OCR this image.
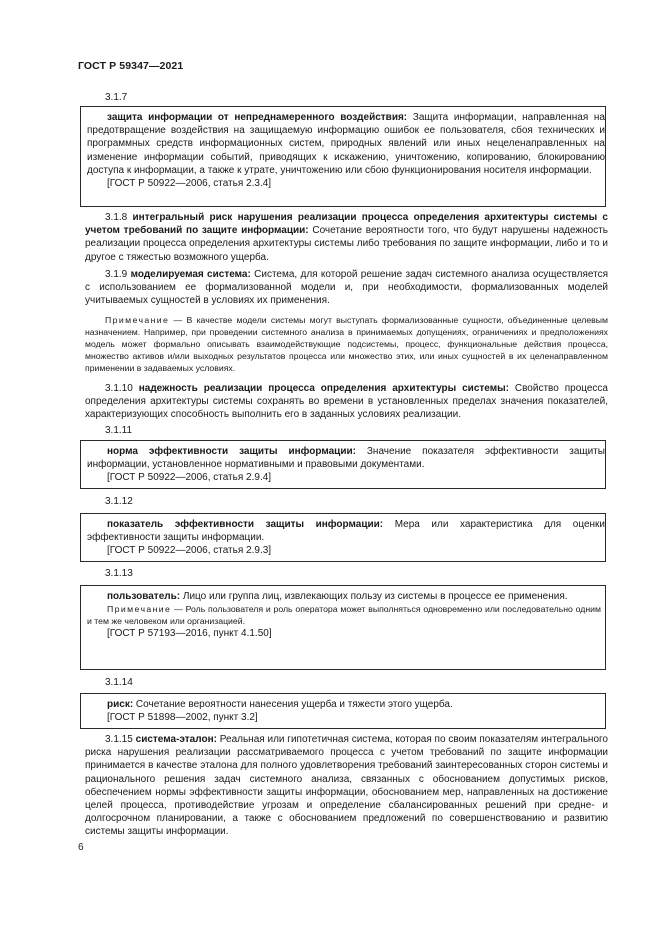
ГОСТ Р 59347—2021
3.1.7

защита информации от непреднамеренного воздействия: Защита информации, направленная на предотвращение воздействия на защищаемую информацию ошибок ее пользователя, сбоя технических и программных средств информационных систем, природных явлений или иных нецеленаправленных на изменение информации событий, приводящих к искажению, уничтожению, копированию, блокированию доступа к информации, а также к утрате, уничтожению или сбою функционирования носителя информации.

[ГОСТ Р 50922—2006, статья 2.3.4]

3.1.8 интегральный риск нарушения реализации процесса определения архитектуры системы с учетом требований по защите информации: Сочетание вероятности того, что будут нарушены надежность реализации процесса определения архитектуры системы либо требования по защите информации, либо и то и другое с тяжестью возможного ущерба.

3.1.9 моделируемая система: Система, для которой решение задач системного анализа осуществляется с использованием ее формализованной модели и, при необходимости, формализованных моделей учитываемых сущностей в условиях их применения.

Примечание — В качестве модели системы могут выступать формализованные сущности, объединенные целевым назначением. Например, при проведении системного анализа в принимаемых допущениях, ограничениях и предположениях модель может формально описывать взаимодействующие подсистемы, процесс, функциональные действия процесса, множество активов и/или выходных результатов процесса или множество этих, или иных сущностей в их целенаправленном применении в задаваемых условиях.

3.1.10 надежность реализации процесса определения архитектуры системы: Свойство процесса определения архитектуры системы сохранять во времени в установленных пределах значения показателей, характеризующих способность выполнить его в заданных условиях реализации.

3.1.11

норма эффективности защиты информации: Значение показателя эффективности защиты информации, установленное нормативными и правовыми документами.

[ГОСТ Р 50922—2006, статья 2.9.4]

3.1.12

показатель эффективности защиты информации: Мера или характеристика для оценки эффективности защиты информации.

[ГОСТ Р 50922—2006, статья 2.9.3]

3.1.13

пользователь: Лицо или группа лиц, извлекающих пользу из системы в процессе ее применения.

Примечание — Роль пользователя и роль оператора может выполняться одновременно или последовательно одним и тем же человеком или организацией.

[ГОСТ Р 57193—2016, пункт 4.1.50]

3.1.14

риск: Сочетание вероятности нанесения ущерба и тяжести этого ущерба.

[ГОСТ Р 51898—2002, пункт 3.2]

3.1.15 система-эталон: Реальная или гипотетичная система, которая по своим показателям интегрального риска нарушения реализации рассматриваемого процесса с учетом требований по защите информации принимается в качестве эталона для полного удовлетворения требований заинтересованных сторон системы и рационального решения задач системного анализа, связанных с обоснованием допустимых рисков, обеспечением нормы эффективности защиты информации, обоснованием мер, направленных на достижение целей процесса, противодействие угрозам и определение сбалансированных решений при средне- и долгосрочном планировании, а также с обоснованием предложений по совершенствованию и развитию системы защиты информации.

6
